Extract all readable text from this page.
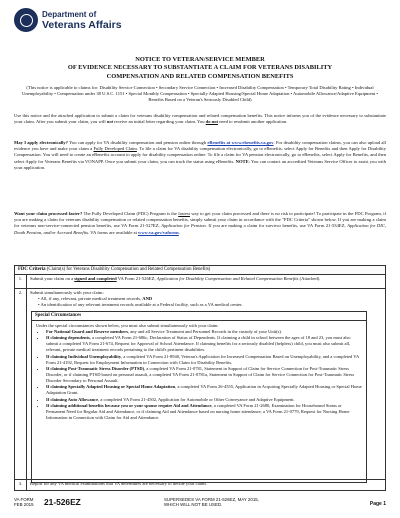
Department of
Veterans Affairs
NOTICE TO VETERAN/SERVICE MEMBER
OF EVIDENCE NECESSARY TO SUBSTANTIATE A CLAIM FOR VETERANS DISABILITY
COMPENSATION AND RELATED COMPENSATION BENEFITS
(This notice is applicable to claims for: Disability Service Connection • Secondary Service Connection • Increased Disability Compensation • Temporary Total Disability Rating • Individual Unemployability • Compensation under 38 U.S.C. 1151 • Special Monthly Compensation • Specially Adapted Housing/Special Home Adaptation • Automobile Allowance/Adaptive Equipment • Benefits Based on a Veteran's Seriously Disabled Child)
Use this notice and the attached application to submit a claim for veterans disability compensation and related compensation benefits. This notice informs you of the evidence necessary to substantiate your claim. After you submit your claim, you will not receive an initial letter regarding your claim. You do not need to resubmit another application.
May I apply electronically? You can apply for VA disability compensation and pension online through eBenefits at www.ebenefits.va.gov. For disability compensation claims, you can also upload all evidence you have and make your claim a Fully Developed Claim. To file a claim for VA disability compensation electronically, go to eBenefits, select Apply for Benefits and then Apply for Disability Compensation. You will need to create an eBenefits account to apply for disability compensation online. To file a claim for VA pension electronically, go to eBenefits, select Apply for Benefits, and then select Apply for Veterans Benefits via VONAPP. Once you submit your claim, you can track the status using eBenefits. NOTE: You can contact an accredited Veterans Service Officer to assist you with your application.
Want your claim processed faster? The Fully Developed Claim (FDC) Program is the fastest way to get your claim processed and there is no risk to participate! To participate in the FDC Program, if you are making a claim for veterans disability compensation or related compensation benefits, simply submit your claim in accordance with the "FDC Criteria" shown below. If you are making a claim for veterans non-service-connected pension benefits, use VA Form 21-527EZ, Application for Pension. If you are making a claim for survivor benefits, use VA Form 21-534EZ, Application for DIC, Death Pension, and/or Accrued Benefits. VA forms are available at www.va.gov/vaforms.
FDC Criteria (Claim(s) for Veterans Disability Compensation and Related Compensation Benefits)
1.	Submit your claim on a signed and completed VA Form 21-526EZ, Application for Disability Compensation and Related Compensation Benefits (Attached).
2.	Submit simultaneously with your claim:
• All, if any, relevant, private medical treatment records, AND
• An identification of any relevant treatment records available at a Federal facility, such as a VA medical center.
Special Circumstances
Under the special circumstances shown below, you must also submit simultaneously with your claim:
• For National Guard and Reserve members, any and all Service Treatment and Personnel Records in the custody of your Unit(s).
• If claiming dependents, a completed VA Form 21-686c, Declaration of Status of Dependents. If claiming a child in school between the ages of 18 and 23, you must also submit a completed VA Form 21-674, Request for Approval of School Attendance. If claiming benefits for a seriously disabled (helpless) child, you must also submit all, relevant, private medical treatment records pertaining to the child's pertinent disabilities.
• If claiming Individual Unemployability, a completed VA Form 21-8940, Veteran's Application for Increased Compensation Based on Unemployability, and a completed VA Form 21-4192, Request for Employment Information in Connection with Claim for Disability Benefits.
• If claiming Post-Traumatic Stress Disorder (PTSD), a completed VA Form 21-0781, Statement in Support of Claim for Service Connection for Post-Traumatic Stress Disorder, or if claiming PTSD based on personal assault, a completed VA Form 21-0781a, Statement in Support of Claim for Service Connection for Post-Traumatic Stress Disorder Secondary to Personal Assault.
• If claiming Specially Adapted Housing or Special Home Adaptation, a completed VA Form 26-4555, Application in Acquiring Specially Adapted Housing or Special Home Adaptation Grant.
• If claiming Auto Allowance, a completed VA Form 21-4502, Application for Automobile or Other Conveyance and Adaptive Equipment.
• If claiming additional benefits because you or your spouse require Aid and Attendance, a completed VA Form 21-2680, Examination for Housebound Status or Permanent Need for Regular Aid and Attendance, or if claiming Aid and Attendance based on nursing home attendance, a VA Form 21-0779, Request for Nursing Home Information in Connection with Claim for Aid and Attendance.
3.	Report for any VA medical examinations that VA determines are necessary to decide your claim.
VA FORM
FEB 2015 21-526EZ	SUPERSEDES VA FORM 21-526EZ, MAY 2015,
WHICH WILL NOT BE USED.	Page 1
